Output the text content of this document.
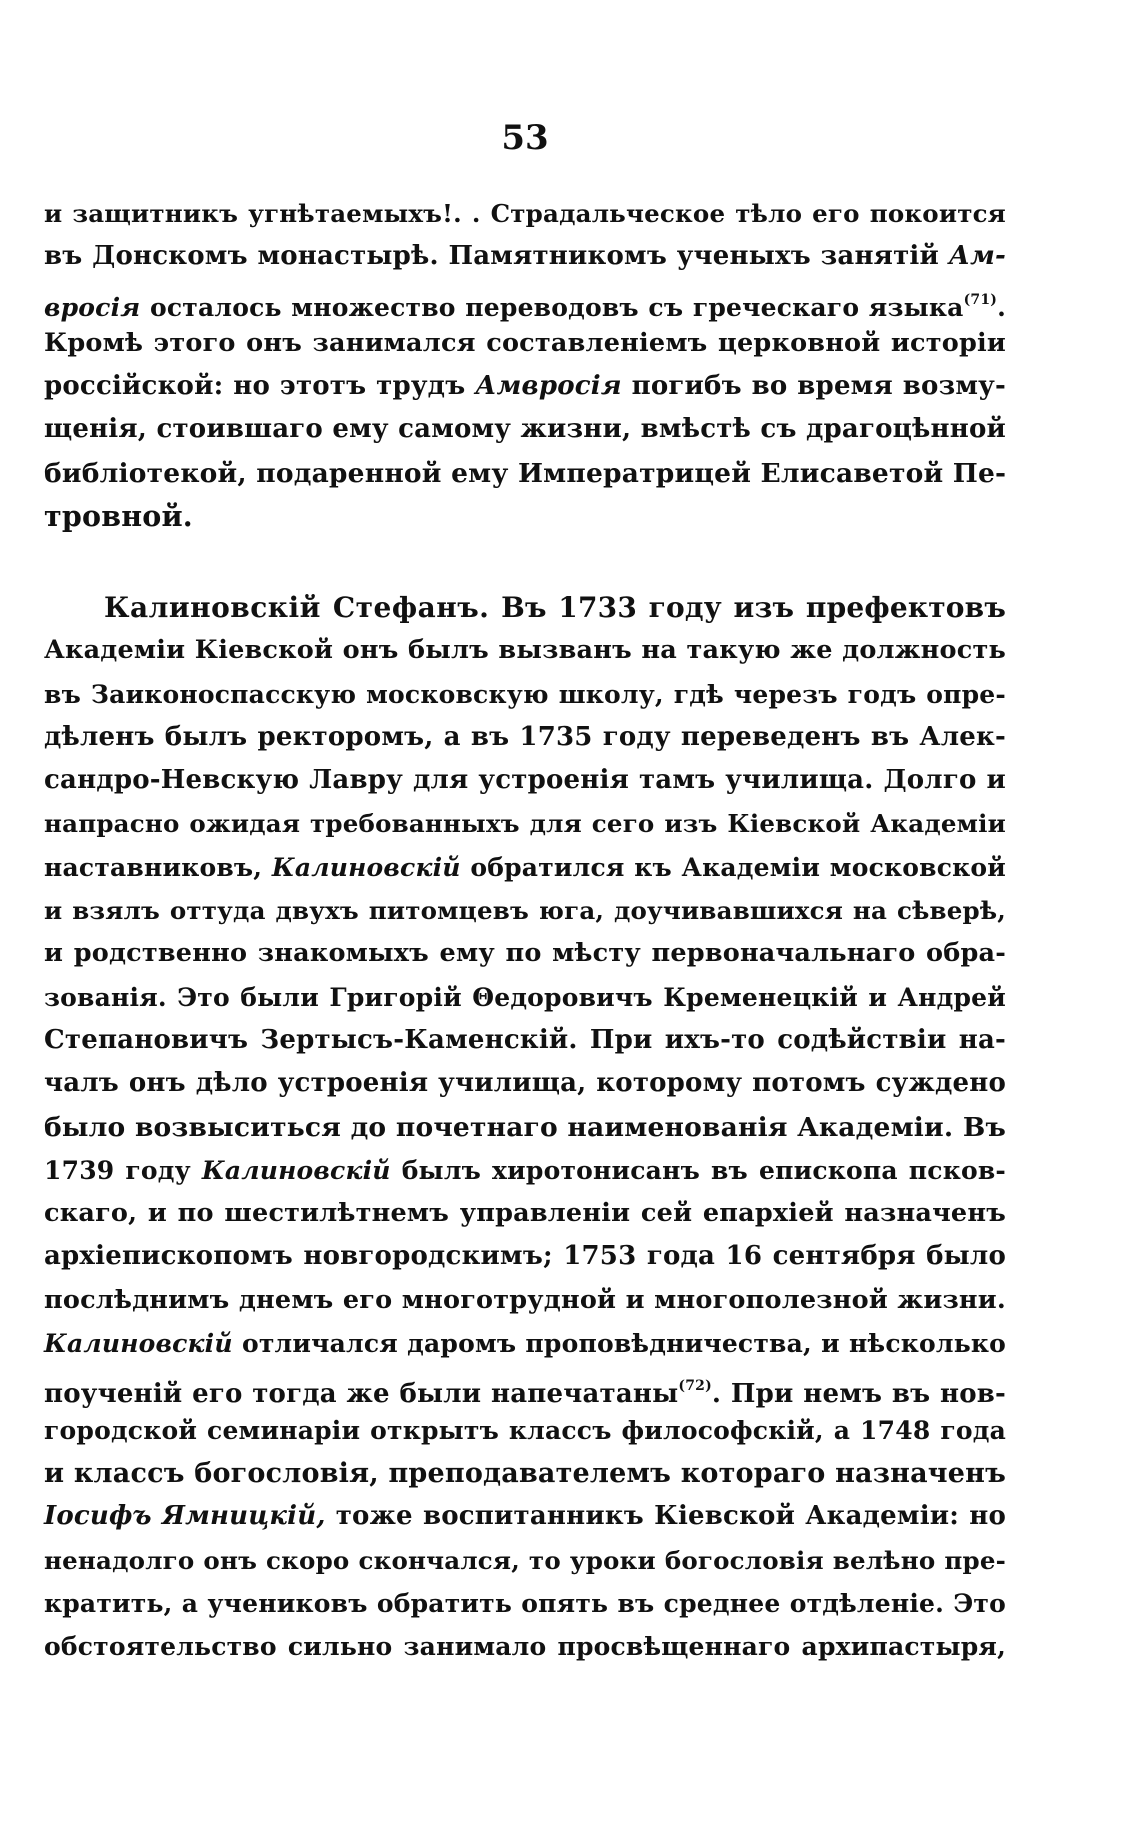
53
и защитникъ угнѣтаемыхъ!. . Страдальческое тѣло его покоится
въ Донскомъ монастырѣ. Памятникомъ ученыхъ занятій Ам-
вросія осталось множество переводовъ съ греческаго языка$^{(71)}$.
Кромѣ этого онъ занимался составленіемъ церковной исторіи
россійской: но этотъ трудъ Амвросія погибъ во время возму-
щенія, стоившаго ему самому жизни, вмѣстѣ съ драгоцѣнной
библіотекой, подаренной ему Императрицей Елисаветой Пе-
тровной.
Калиновскій Стефанъ. Въ 1733 году изъ префектовъ
Академіи Кіевской онъ былъ вызванъ на такую же должность
въ Заиконоспасскую московскую школу, гдѣ черезъ годъ опре-
дѣленъ былъ ректоромъ, а въ 1735 году переведенъ въ Алек-
сандро-Невскую Лавру для устроенія тамъ училища. Долго и
напрасно ожидая требованныхъ для сего изъ Кіевской Академіи
наставниковъ, Калиновскій обратился къ Академіи московской
и взялъ оттуда двухъ питомцевъ юга, доучивавшихся на сѣверѣ,
и родственно знакомыхъ ему по мѣсту первоначальнаго обра-
зованія. Это были Григорій Θедоровичъ Кременецкій и Андрей
Степановичъ Зертысъ-Каменскій. При ихъ-то содѣйствіи на-
чалъ онъ дѣло устроенія училища, которому потомъ суждено
было возвыситься до почетнаго наименованія Академіи. Въ
1739 году Калиновскій былъ хиротонисанъ въ епископа псков-
скаго, и по шестилѣтнемъ управленіи сей епархіей назначенъ
архіепископомъ новгородскимъ; 1753 года 16 сентября было
послѣднимъ днемъ его многотрудной и многополезной жизни.
Калиновскій отличался даромъ проповѣдничества, и нѣсколько
поученій его тогда же были напечатаны$^{(72)}$. При немъ въ нов-
городской семинаріи открытъ классъ философскій, а 1748 года
и классъ богословія, преподавателемъ котораго назначенъ
Іосифъ Ямницкій, тоже воспитанникъ Кіевской Академіи: но
ненадолго онъ скоро скончался, то уроки богословія велѣно пре-
кратить, а учениковъ обратить опять въ среднее отдѣленіе. Это
обстоятельство сильно занимало просвѣщеннаго архипастыря,
